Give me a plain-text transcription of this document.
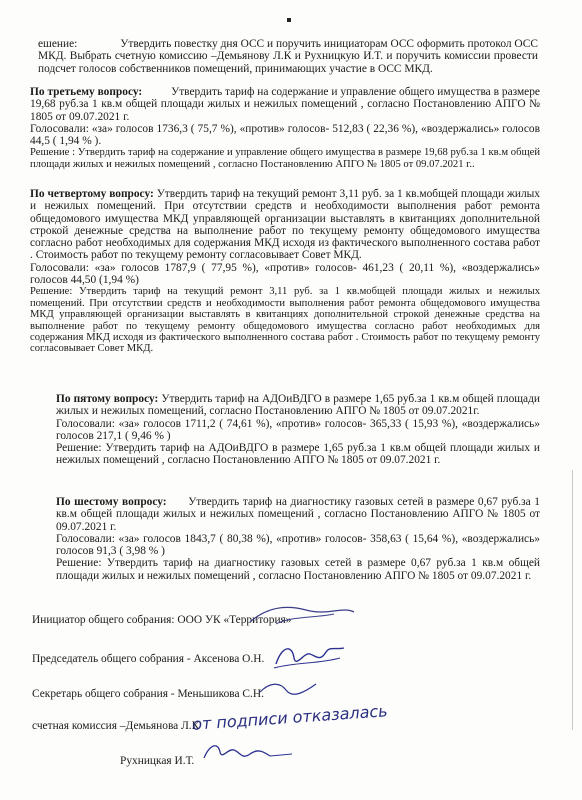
ешение:	Утвердить повестку дня ОСС и поручить инициаторам ОСС оформить протокол ОСС МКД. Выбрать счетную комиссию –Демьянову Л.К и Рухницкую И.Т. и поручить комиссии провести подсчет голосов собственников помещений, принимающих участие в ОСС МКД.

По третьему вопросу:	Утвердить тариф на содержание и управление общего имущества в размере 19,68 руб.за 1 кв.м общей площади жилых и нежилых помещений , согласно Постановлению АПГО № 1805 от 09.07.2021 г.

Голосовали: «за» голосов 1736,3 ( 75,7 %), «против» голосов- 512,83 ( 22,36 %), «воздержались» голосов 44,5 ( 1,94 % ).

Решение : Утвердить тариф на содержание и управление общего имущества в размере 19,68 руб.за 1 кв.м общей площади жилых и нежилых помещений , согласно Постановлению АПГО № 1805 от 09.07.2021 г..

По четвертому вопросу: Утвердить тариф на текущий ремонт 3,11 руб. за 1 кв.мобщей площади жилых и нежилых помещений. При отсутствии средств и необходимости выполнения работ ремонта общедомового имущества МКД управляющей организации выставлять в квитанциях дополнительной строкой денежные средства на выполнение работ по текущему ремонту общедомового имущества согласно работ необходимых для содержания МКД исходя из фактического выполненного состава работ . Стоимость работ по текущему ремонту согласовывает Совет МКД.

Голосовали: «за» голосов 1787,9 ( 77,95 %), «против» голосов- 461,23 ( 20,11 %), «воздержались» голосов 44,50 (1,94 %)

Решение: Утвердить тариф на текущий ремонт 3,11 руб. за 1 кв.мобщей площади жилых и нежилых помещений. При отсутствии средств и необходимости выполнения работ ремонта общедомового имущества МКД управляющей организации выставлять в квитанциях дополнительной строкой денежные средства на выполнение работ по текущему ремонту общедомового имущества согласно работ необходимых для содержания МКД исходя из фактического выполненного состава работ . Стоимость работ по текущему ремонту согласовывает Совет МКД.

По пятому вопросу: Утвердить тариф на АДОиВДГО в размере 1,65 руб.за 1 кв.м общей площади жилых и нежилых помещений, согласно Постановлению АПГО № 1805 от 09.07.2021г.

Голосовали: «за» голосов 1711,2 ( 74,61 %), «против» голосов- 365,33 ( 15,93 %), «воздержались» голосов 217,1 ( 9,46 % )

Решение: Утвердить тариф на АДОиВДГО в размере 1,65 руб.за 1 кв.м общей площади жилых и нежилых помещений , согласно Постановлению АПГО № 1805 от 09.07.2021 г.

По шестому вопросу: Утвердить тариф на диагностику газовых сетей в размере 0,67 руб.за 1 кв.м общей площади жилых и нежилых помещений , согласно Постановлению АПГО № 1805 от 09.07.2021 г.

Голосовали: «за» голосов 1843,7 ( 80,38 %), «против» голосов- 358,63 ( 15,64 %), «воздержались» голосов 91,3 ( 3,98 % )

Решение: Утвердить тариф на диагностику газовых сетей в размере 0,67 руб.за 1 кв.м общей площади жилых и нежилых помещений , согласно Постановлению АПГО № 1805 от 09.07.2021 г.

Инициатор общего собрания: ООО УК «Территория»
Председатель общего собрания - Аксенова О.Н.
Секретарь общего собрания - Меньшикова С.Н.
счетная комиссия –Демьянова Л.К
от подписи отказалась
Рухницкая И.Т.
